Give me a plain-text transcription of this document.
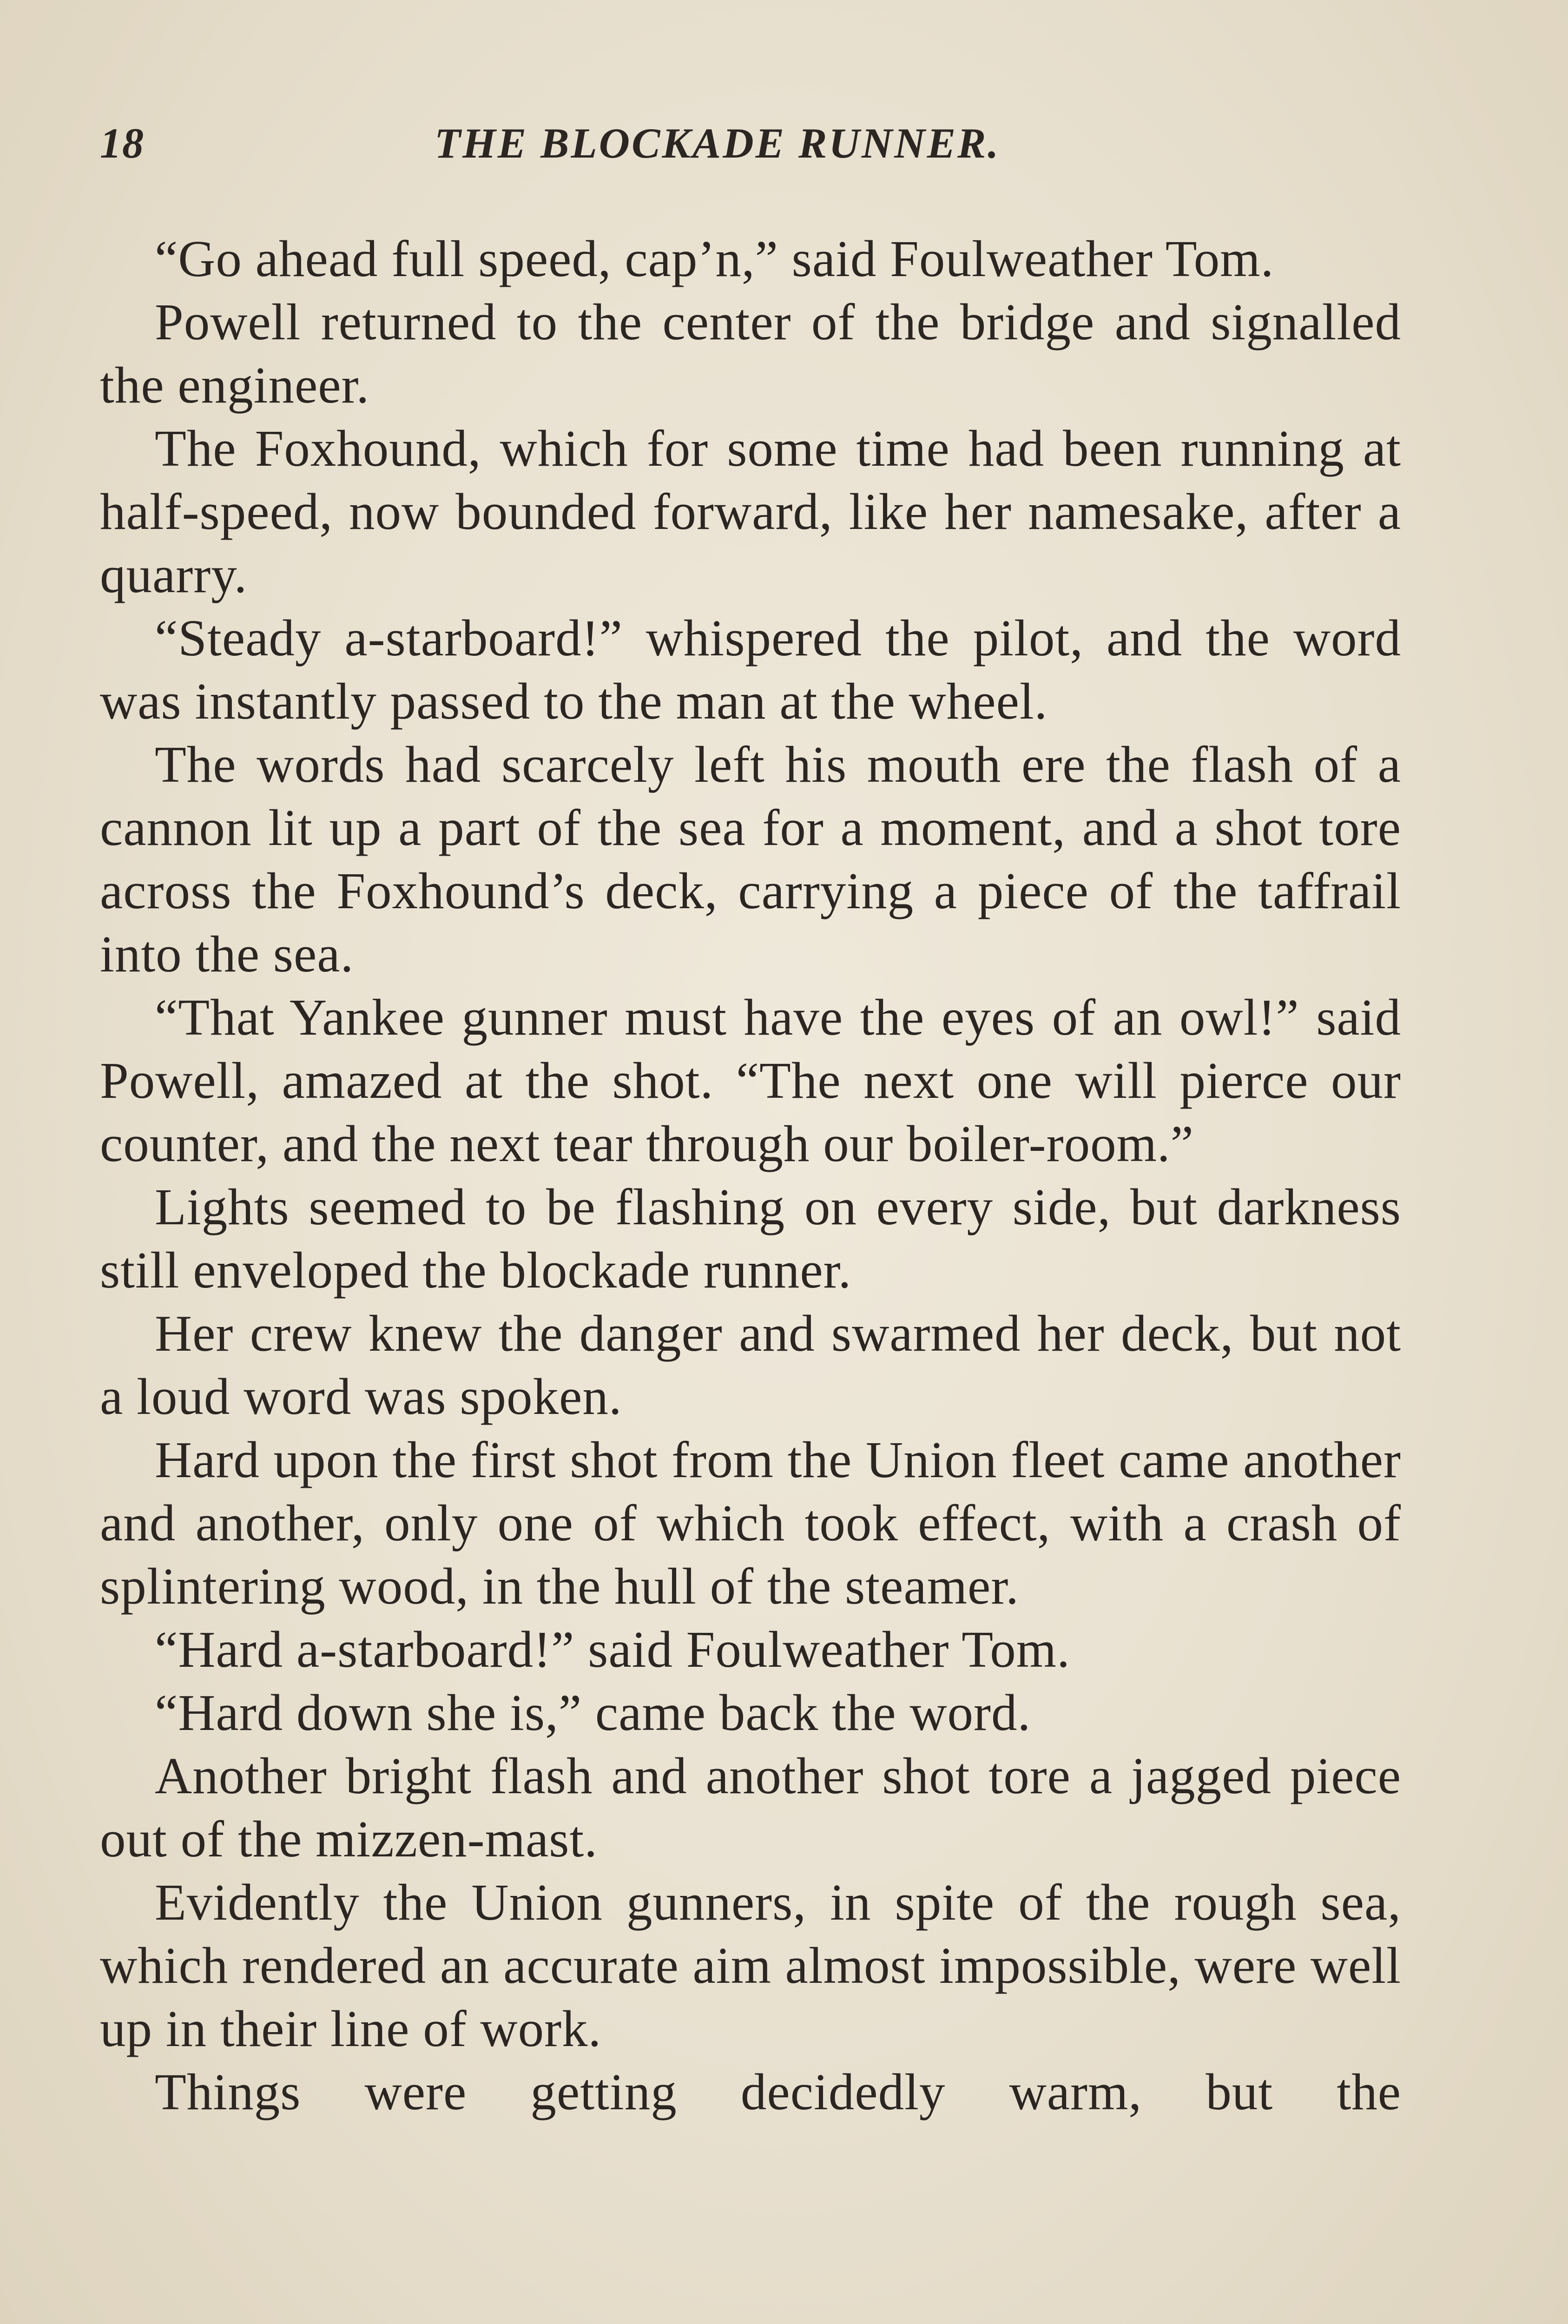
18	THE BLOCKADE RUNNER.

“Go ahead full speed, cap’n,” said Foulweather Tom.

Powell returned to the center of the bridge and signalled the engineer.

The Foxhound, which for some time had been running at half-speed, now bounded forward, like her namesake, after a quarry.

“Steady a-starboard!” whispered the pilot, and the word was instantly passed to the man at the wheel.

The words had scarcely left his mouth ere the flash of a cannon lit up a part of the sea for a moment, and a shot tore across the Foxhound’s deck, carrying a piece of the taffrail into the sea.

“That Yankee gunner must have the eyes of an owl!” said Powell, amazed at the shot. “The next one will pierce our counter, and the next tear through our boiler-room.”

Lights seemed to be flashing on every side, but darkness still enveloped the blockade runner.

Her crew knew the danger and swarmed her deck, but not a loud word was spoken.

Hard upon the first shot from the Union fleet came another and another, only one of which took effect, with a crash of splintering wood, in the hull of the steamer.

“Hard a-starboard!” said Foulweather Tom.

“Hard down she is,” came back the word.

Another bright flash and another shot tore a jagged piece out of the mizzen-mast.

Evidently the Union gunners, in spite of the rough sea, which rendered an accurate aim almost impossible, were well up in their line of work.

Things were getting decidedly warm, but the
